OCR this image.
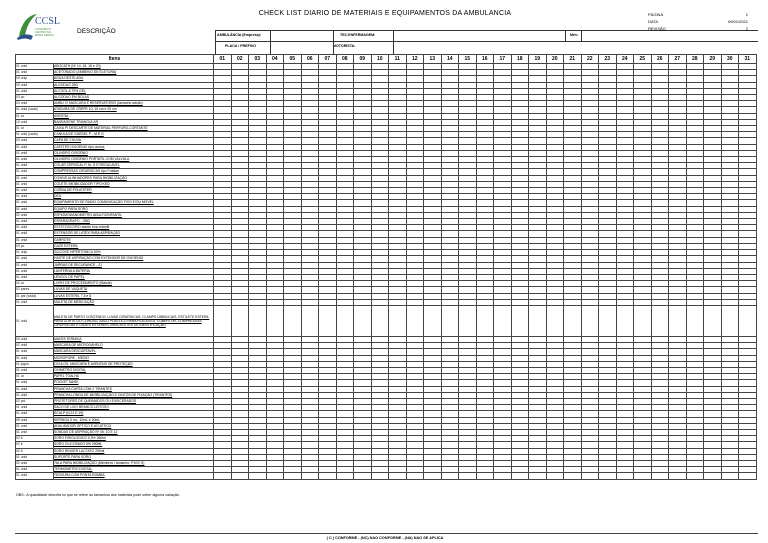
CCSL
CONSÓRCIO
CENTRO SUL
MINAS GERAIS
CHECK LIST DIARIO DE MATERIAIS E EQUIPAMENTOS DA AMBULANCIA	PÁGINA	1
DATA	09/01/2021
REVISÃO	2
DESCRIÇÃO	AMBULÂNCIA (Empresa):
PLACA / PREFIXO
TEC.ENFERMAGEM:
MOTORISTA:
Mês:
Itens		01	02	03	04	05	06	07	08	09	10	11	12	13	14	15	16	17	18	19	20	21	22	23	24	25	26	27	28	29	30	31
01 unid	ABOCATH (Nº 14, 16, 18 e 20)																															
01 unid	ACETONADO (AMBEKIO DE ELETURA)																															
03 unip	AGUA DESTILADA																															
03 unid	ALGODAO 25G																															
01 unid	ALCOOL A 70% GEL																															
03 pc	ALGODAO EM BOLAS																															
03 unid	AMBU C/ MASCARA E RESERVATORIO (tamanho adulto)																															
01 unid (cada)	ATADURA DE CREPE 10, 15 cm e 20 cm																															
01 cx	AVENTAL																															
10 unid	BANDAGENS TRIANGULAR																															
01 cx	CAIXA P/ DESCARTE DE MATERIAL PERFURO-CORTANTE																															
01 unid (cada)	CANULA DE GUEDEL P - M E G																															
03 unid	CAPA DE CHUVA																															
01 unid	CATETER OXIGENIO tipo oculos																															
01 unid	CILINDRO OXIGENIO																															
01 unid	CILINDRO OXIGENIO PORTATIL COM VALVULA																															
01 unid	COLAR CERVICAL P, M, G E REGULAVEL																															
01 unid	COMPRESSAS CIRURGICAS tipo Fraldas																															
01 unid	COXINS ALINHADORES PARA IMOBILIZAÇÃO																															
01 unid	COLETE IMOBILIZADOR TIPO KED																															
01 unid	CORDA DE POLIESTER																															
01 unid	DEA																															
01 unid	EQUIPAMENTO DE RADIO COMUNICAÇÃO FIXO E/OU MOVEL																															
01 unid	EQUIPO PARA SORO																															
02 unid	ESFIGMOMANOMETRO ADULTO/INFANTIL																															
01 unid	ESPARADRAPO - GBD																															
01 unid	ESTETOSCOPIO adulto e/ou infantil																															
01 unid	EXTENSOR DE LATEX PARA ASPIRAÇÃO																															
01 unid	GARROTE																															
03 pc	GAZE ESTERIL																															
01 unip	GLICOSE HIPERTONICA 50%																															
01 unid	HASTE DE ASPIRAÇÃO COM EXTENSOR DE OXIGENIO																															
01 unid	JARRAS DE SECURANCE - 2J																															
01 unid	LANTERNA A BATERIA																															
01 unid	LENCOL DE PAPEL																															
02 cx	LIVRO DE PROCEDIMENTO (Malote)																															
02 pares	LUVAS DE VAQUETA																															
01 par (cada)	LUVAS ESTERIL 7,5 e 8																															
01 unid	MALETA DE MEDICAÇÃO																															
01 unid	MALETA DE PARTO CONTENDO: LUVAS CIRURGICAS; CLAMPS UMBILICAIS, ESTILETE ESTERIL PARA CORTE DO CORDÃO, SACO PLASTICO PARA PLACENTA, COBERTOR, COMPRESSAS CIRURGICAS E GAZES ESTÉREIS, BRACELETES DE IDENTIFICAÇÃO																															
03 unid	MANTA TERMICA																															
02 unid	MASCARA DE MICROGAHELO																															
01 unid	MASCARA DESCARTAVEL																															
01 unid	MICROPORE - MEDIO																															
01 jogos	OCULOS, MASCARA E AVENTAIS DE PROTEÇÃO																															
01 unid	OXIMETRO DIGITAL																															
01 cx	PAPEL TOALHA																															
01 unid	POCKET MASK																															
01 unid	PRANCHA CURTA COM 2 TIRANTES																															
01 unid	PRANCHA LONGA DE IMOBILIZAÇÃO E CINTOS DE FIXAÇÃO (TIRANTES)																															
02 pct	PROTETORES DE QUEIMADOS OU EVISCERADOS																															
01 unid	SACO DE LIXO BRANCO LEITOSO																															
01 unid	SCALP (N 21 E 19)																															
05 unid	SERINGA 5 mL, 10mL e 20mL																															
01 unid	ANALISADOR OPTICO E ACUSTICO																															
01 unid	SONDAS DE ASPIRAÇÃO Nº 06, 10 E 12																															
02 fr	SORO FISIOLOGICO 0,9% 250ml																															
02 fr	SORO GLICOSADO 5% 250ML																															
02 fr	SORO RINGER LACTATO 250ml																															
01 unid	SUPORTE PARA SORO																															
02 unid	TALA PARA IMOBILIZAÇÃO (Membros / tamanho: P,M E G)																															
01 unid	TERMOMETRO DIGITAL																															
01 unid	TESOURA COM PONTA ROMBA																															
OBS.: A quantidade descrita no que se refere ao tamanhos dos materiais pode sofrer alguma variação.
( C ) CONFORME - (NC) NAO CONFORME - (NA) NAO SE APLICA
